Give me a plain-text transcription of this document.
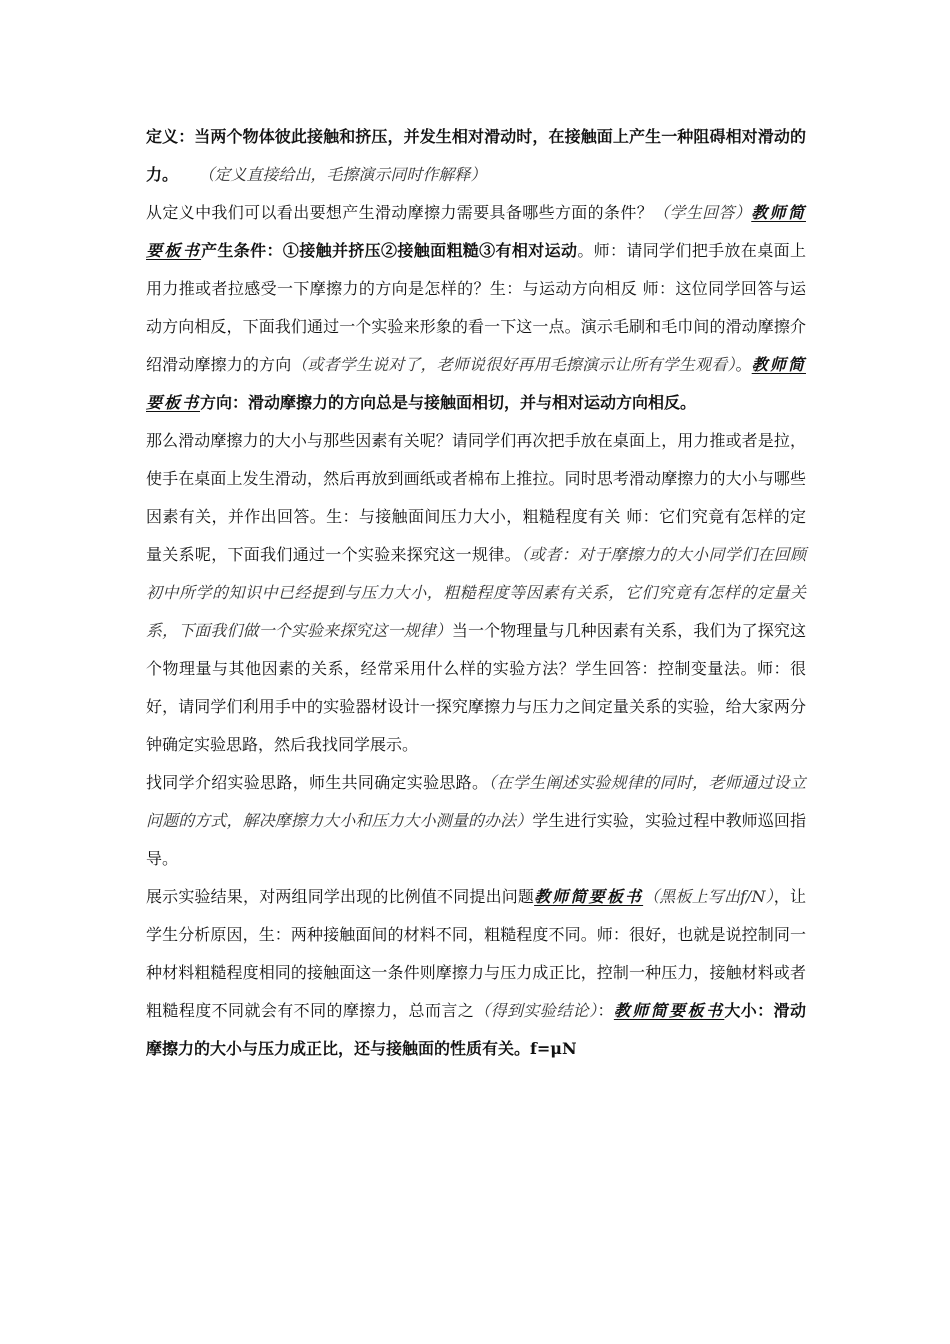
定义：当两个物体彼此接触和挤压，并发生相对滑动时，在接触面上产生一种阻碍相对滑动的力。 （定义直接给出，毛擦演示同时作解释）

从定义中我们可以看出要想产生滑动摩擦力需要具备哪些方面的条件？（学生回答）教师简要板书产生条件：①接触并挤压②接触面粗糙③有相对运动。师：请同学们把手放在桌面上用力推或者拉感受一下摩擦力的方向是怎样的？生：与运动方向相反 师：这位同学回答与运动方向相反，下面我们通过一个实验来形象的看一下这一点。演示毛刷和毛巾间的滑动摩擦介绍滑动摩擦力的方向（或者学生说对了，老师说很好再用毛擦演示让所有学生观看）。教师简要板书方向：滑动摩擦力的方向总是与接触面相切，并与相对运动方向相反。

那么滑动摩擦力的大小与那些因素有关呢？请同学们再次把手放在桌面上，用力推或者是拉，使手在桌面上发生滑动，然后再放到画纸或者棉布上推拉。同时思考滑动摩擦力的大小与哪些因素有关，并作出回答。生：与接触面间压力大小，粗糙程度有关 师：它们究竟有怎样的定量关系呢，下面我们通过一个实验来探究这一规律。（或者：对于摩擦力的大小同学们在回顾初中所学的知识中已经提到与压力大小，粗糙程度等因素有关系，它们究竟有怎样的定量关系，下面我们做一个实验来探究这一规律）当一个物理量与几种因素有关系，我们为了探究这个物理量与其他因素的关系，经常采用什么样的实验方法？学生回答：控制变量法。师：很好，请同学们利用手中的实验器材设计一探究摩擦力与压力之间定量关系的实验，给大家两分钟确定实验思路，然后我找同学展示。

找同学介绍实验思路，师生共同确定实验思路。（在学生阐述实验规律的同时，老师通过设立问题的方式，解决摩擦力大小和压力大小测量的办法）学生进行实验，实验过程中教师巡回指导。

展示实验结果，对两组同学出现的比例值不同提出问题教师简要板书（黑板上写出f/N），让学生分析原因，生：两种接触面间的材料不同，粗糙程度不同。师：很好，也就是说控制同一种材料粗糙程度相同的接触面这一条件则摩擦力与压力成正比，控制一种压力，接触材料或者粗糙程度不同就会有不同的摩擦力，总而言之（得到实验结论）：教师简要板书大小：滑动摩擦力的大小与压力成正比，还与接触面的性质有关。f=μN
